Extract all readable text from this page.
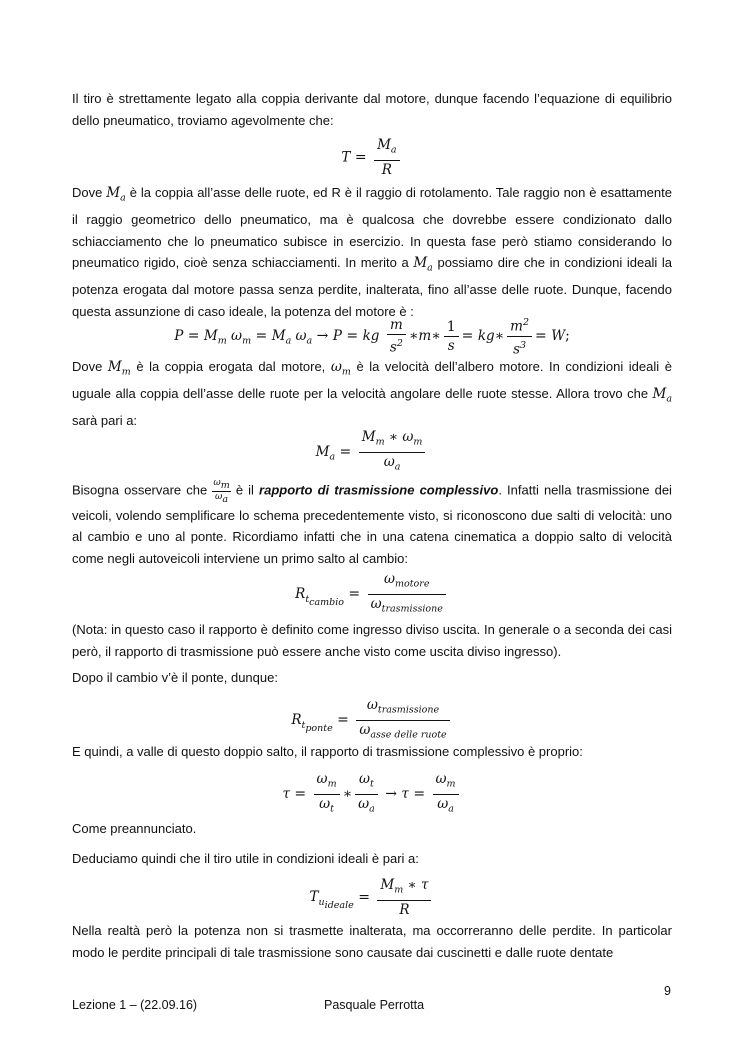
Il tiro è strettamente legato alla coppia derivante dal motore, dunque facendo l’equazione di equilibrio dello pneumatico, troviamo agevolmente che:

$T = \frac{M_a}{R}$

Dove $M_a$ è la coppia all’asse delle ruote, ed R è il raggio di rotolamento. Tale raggio non è esattamente il raggio geometrico dello pneumatico, ma è qualcosa che dovrebbe essere condizionato dallo schiacciamento che lo pneumatico subisce in esercizio. In questa fase però stiamo considerando lo pneumatico rigido, cioè senza schiacciamenti. In merito a $M_a$ possiamo dire che in condizioni ideali la potenza erogata dal motore passa senza perdite, inalterata, fino all’asse delle ruote. Dunque, facendo questa assunzione di caso ideale, la potenza del motore è :

$P = M_m$ $\omega_m = M_a$ $\omega_a \to P$ = kg $\frac{m}{s^2}$ ∗m∗ $\frac{1}{s}$ = kg∗ $\frac{m^2}{s^3} = W$;

Dove $M_m$ è la coppia erogata dal motore, $\omega_m$ è la velocità dell’albero motore. In condizioni ideali è uguale alla coppia dell’asse delle ruote per la velocità angolare delle ruote stesse. Allora trovo che $M_a$ sarà pari a:

$M_a = \frac{M_m ∗ \omega_m}{\omega_a}$

Bisogna osservare che $\frac{\omega_m}{\omega_a}$ è il rapporto di trasmissione complessivo. Infatti nella trasmissione dei veicoli, volendo semplificare lo schema precedentemente visto, si riconoscono due salti di velocità: uno al cambio e uno al ponte. Ricordiamo infatti che in una catena cinematica a doppio salto di velocità come negli autoveicoli interviene un primo salto al cambio:

$R_{t_{cambio}} = \frac{\omega_{motore}}{\omega_{trasmissione}}$

(Nota: in questo caso il rapporto è definito come ingresso diviso uscita. In generale o a seconda dei casi però, il rapporto di trasmissione può essere anche visto come uscita diviso ingresso).

Dopo il cambio v’è il ponte, dunque:

$R_{t_{ponte}} = \frac{\omega_{trasmissione}}{\omega_{asse delle ruote}}$

E quindi, a valle di questo doppio salto, il rapporto di trasmissione complessivo è proprio:

$\tau = \frac{\omega_m}{\omega_t}$ ∗ $\frac{\omega_t}{\omega_a} \to \tau = \frac{\omega_m}{\omega_a}$

Come preannunciato.

Deduciamo quindi che il tiro utile in condizioni ideali è pari a:

$T_{u_{ideale}} = \frac{M_m ∗ \tau}{R}$

Nella realtà però la potenza non si trasmette inalterata, ma occorreranno delle perdite. In particolar modo le perdite principali di tale trasmissione sono causate dai cuscinetti e dalle ruote dentate

9
Lezione 1 – (22.09.16)	Pasquale Perrotta
